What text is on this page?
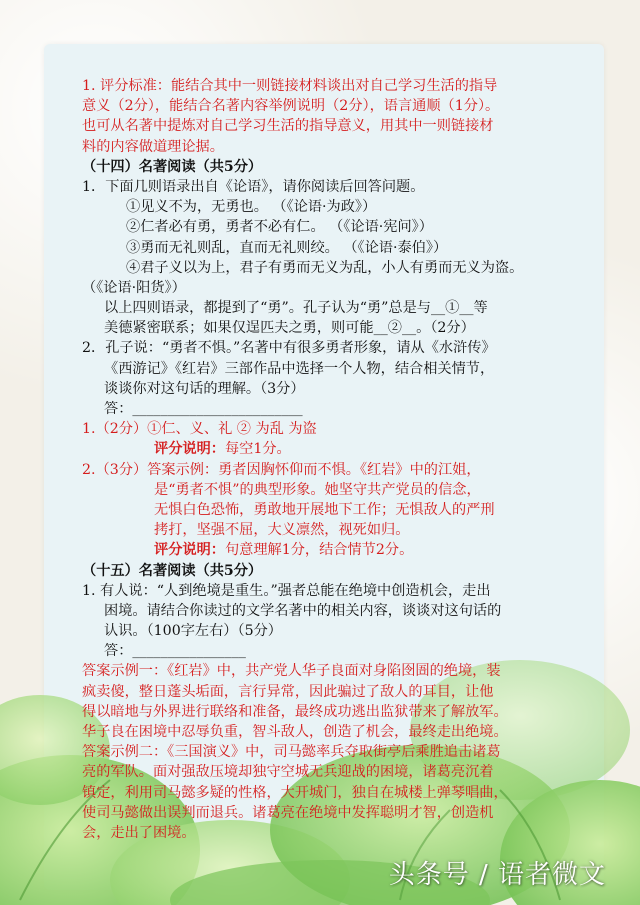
1. 评分标准：能结合其中一则链接材料谈出对自己学习生活的指导
意义（2分），能结合名著内容举例说明（2分），语言通顺（1分）。
也可从名著中提炼对自己学习生活的指导意义，用其中一则链接材
料的内容做道理论据。
（十四）名著阅读（共5分）
1．下面几则语录出自《论语》，请你阅读后回答问题。
①见义不为，无勇也。 （《论语·为政》）
②仁者必有勇，勇者不必有仁。 （《论语·宪问》）
③勇而无礼则乱，直而无礼则绞。 （《论语·泰伯》）
④君子义以为上，君子有勇而无义为乱，小人有勇而无义为盗。
（《论语·阳货》）
以上四则语录，都提到了“勇”。孔子认为“勇”总是与__①__等
美德紧密联系；如果仅逞匹夫之勇，则可能__②__。（2分）
2．孔子说：“勇者不惧。”名著中有很多勇者形象，请从《水浒传》
《西游记》《红岩》三部作品中选择一个人物，结合相关情节，
谈谈你对这句话的理解。（3分）
答：________________________
1.（2分）①仁、义、礼 ② 为乱 为盗
评分说明：每空1分。
2.（3分）答案示例：勇者因胸怀仰而不惧。《红岩》中的江姐，
是“勇者不惧”的典型形象。她坚守共产党员的信念，
无惧白色恐怖，勇敢地开展地下工作；无惧敌人的严刑
拷打，坚强不屈，大义凛然，视死如归。
评分说明：句意理解1分，结合情节2分。
（十五）名著阅读（共5分）
1. 有人说：“人到绝境是重生。”强者总能在绝境中创造机会，走出
困境。请结合你读过的文学名著中的相关内容，谈谈对这句话的
认识。（100字左右）（5分）
答：________________
答案示例一：《红岩》中，共产党人华子良面对身陷囹圄的绝境，装
疯卖傻，整日蓬头垢面，言行异常，因此骗过了敌人的耳目，让他
得以暗地与外界进行联络和准备，最终成功逃出监狱带来了解放军。
华子良在困境中忍辱负重，智斗敌人，创造了机会，最终走出绝境。
答案示例二：《三国演义》中，司马懿率兵夺取街亭后乘胜追击诸葛
亮的军队。面对强敌压境却独守空城无兵迎战的困境，诸葛亮沉着
镇定，利用司马懿多疑的性格，大开城门，独自在城楼上弹琴唱曲，
使司马懿做出误判而退兵。诸葛亮在绝境中发挥聪明才智，创造机
会，走出了困境。
头条号 / 语者微文
